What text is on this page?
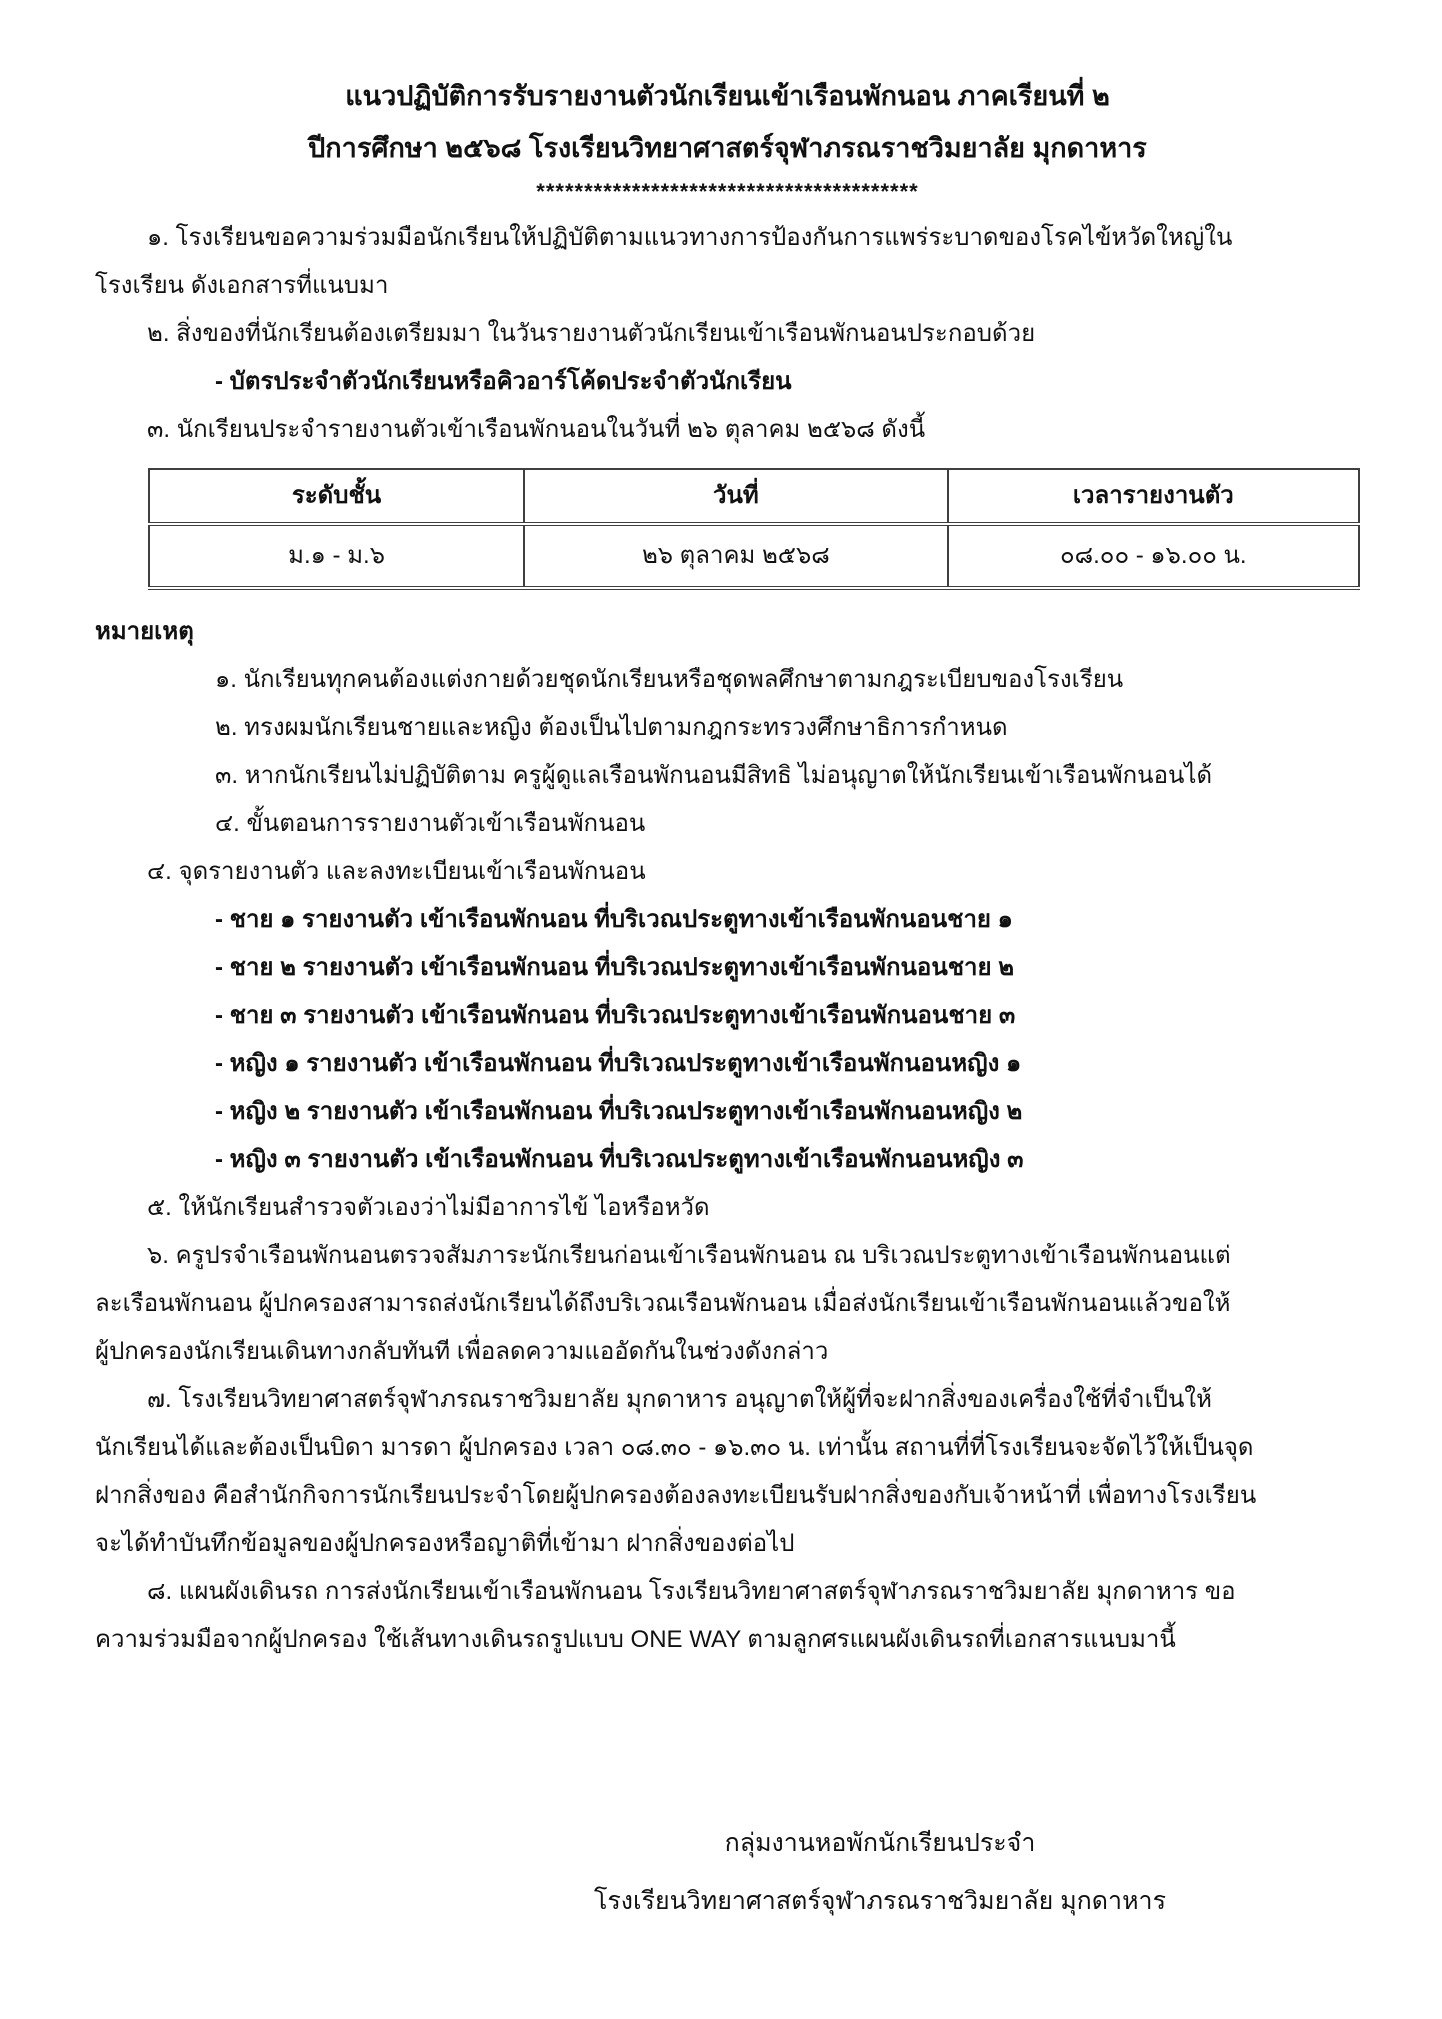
แนวปฏิบัติการรับรายงานตัวนักเรียนเข้าเรือนพักนอน ภาคเรียนที่ ๒
ปีการศึกษา ๒๕๖๘ โรงเรียนวิทยาศาสตร์จุฬาภรณราชวิมยาลัย มุกดาหาร
****************************************
๑. โรงเรียนขอความร่วมมือนักเรียนให้ปฏิบัติตามแนวทางการป้องกันการแพร่ระบาดของโรคไข้หวัดใหญ่ใน
โรงเรียน ดังเอกสารที่แนบมา
๒. สิ่งของที่นักเรียนต้องเตรียมมา ในวันรายงานตัวนักเรียนเข้าเรือนพักนอนประกอบด้วย
- บัตรประจำตัวนักเรียนหรือคิวอาร์โค้ดประจำตัวนักเรียน
๓. นักเรียนประจำรายงานตัวเข้าเรือนพักนอนในวันที่ ๒๖ ตุลาคม ๒๕๖๘ ดังนี้
ระดับชั้น	วันที่	เวลารายงานตัว
ม.๑ - ม.๖	๒๖ ตุลาคม ๒๕๖๘	๐๘.๐๐ - ๑๖.๐๐ น.
หมายเหตุ
๑. นักเรียนทุกคนต้องแต่งกายด้วยชุดนักเรียนหรือชุดพลศึกษาตามกฎระเบียบของโรงเรียน
๒. ทรงผมนักเรียนชายและหญิง ต้องเป็นไปตามกฎกระทรวงศึกษาธิการกำหนด
๓. หากนักเรียนไม่ปฏิบัติตาม ครูผู้ดูแลเรือนพักนอนมีสิทธิ ไม่อนุญาตให้นักเรียนเข้าเรือนพักนอนได้
๔. ขั้นตอนการรายงานตัวเข้าเรือนพักนอน
๔. จุดรายงานตัว และลงทะเบียนเข้าเรือนพักนอน
- ชาย ๑ รายงานตัว เข้าเรือนพักนอน ที่บริเวณประตูทางเข้าเรือนพักนอนชาย ๑
- ชาย ๒ รายงานตัว เข้าเรือนพักนอน ที่บริเวณประตูทางเข้าเรือนพักนอนชาย ๒
- ชาย ๓ รายงานตัว เข้าเรือนพักนอน ที่บริเวณประตูทางเข้าเรือนพักนอนชาย ๓
- หญิง ๑ รายงานตัว เข้าเรือนพักนอน ที่บริเวณประตูทางเข้าเรือนพักนอนหญิง ๑
- หญิง ๒ รายงานตัว เข้าเรือนพักนอน ที่บริเวณประตูทางเข้าเรือนพักนอนหญิง ๒
- หญิง ๓ รายงานตัว เข้าเรือนพักนอน ที่บริเวณประตูทางเข้าเรือนพักนอนหญิง ๓
๕. ให้นักเรียนสำรวจตัวเองว่าไม่มีอาการไข้ ไอหรือหวัด
๖. ครูปรจำเรือนพักนอนตรวจสัมภาระนักเรียนก่อนเข้าเรือนพักนอน ณ บริเวณประตูทางเข้าเรือนพักนอนแต่
ละเรือนพักนอน ผู้ปกครองสามารถส่งนักเรียนได้ถึงบริเวณเรือนพักนอน เมื่อส่งนักเรียนเข้าเรือนพักนอนแล้วขอให้
ผู้ปกครองนักเรียนเดินทางกลับทันที เพื่อลดความแออัดกันในช่วงดังกล่าว
๗. โรงเรียนวิทยาศาสตร์จุฬาภรณราชวิมยาลัย มุกดาหาร อนุญาตให้ผู้ที่จะฝากสิ่งของเครื่องใช้ที่จำเป็นให้
นักเรียนได้และต้องเป็นบิดา มารดา ผู้ปกครอง เวลา ๐๘.๓๐ - ๑๖.๓๐ น. เท่านั้น สถานที่ที่โรงเรียนจะจัดไว้ให้เป็นจุด
ฝากสิ่งของ คือสำนักกิจการนักเรียนประจำโดยผู้ปกครองต้องลงทะเบียนรับฝากสิ่งของกับเจ้าหน้าที่ เพื่อทางโรงเรียน
จะได้ทำบันทึกข้อมูลของผู้ปกครองหรือญาติที่เข้ามา ฝากสิ่งของต่อไป
๘. แผนผังเดินรถ การส่งนักเรียนเข้าเรือนพักนอน โรงเรียนวิทยาศาสตร์จุฬาภรณราชวิมยาลัย มุกดาหาร ขอ
ความร่วมมือจากผู้ปกครอง ใช้เส้นทางเดินรถรูปแบบ ONE WAY ตามลูกศรแผนผังเดินรถที่เอกสารแนบมานี้
กลุ่มงานหอพักนักเรียนประจำ
โรงเรียนวิทยาศาสตร์จุฬาภรณราชวิมยาลัย มุกดาหาร
